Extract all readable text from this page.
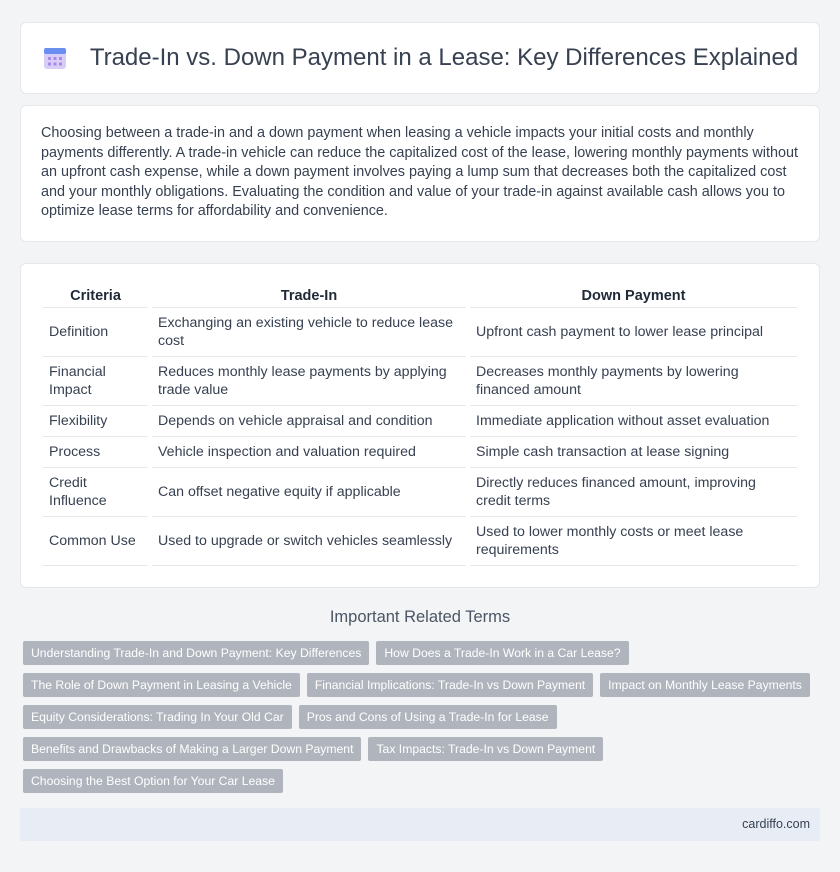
Trade-In vs. Down Payment in a Lease: Key Differences Explained

Choosing between a trade-in and a down payment when leasing a vehicle impacts your initial costs and monthly payments differently. A trade-in vehicle can reduce the capitalized cost of the lease, lowering monthly payments without an upfront cash expense, while a down payment involves paying a lump sum that decreases both the capitalized cost and your monthly obligations. Evaluating the condition and value of your trade-in against available cash allows you to optimize lease terms for affordability and convenience.

Criteria	Trade-In	Down Payment
Definition	Exchanging an existing vehicle to reduce lease cost	Upfront cash payment to lower lease principal
Financial Impact	Reduces monthly lease payments by applying trade value	Decreases monthly payments by lowering financed amount
Flexibility	Depends on vehicle appraisal and condition	Immediate application without asset evaluation
Process	Vehicle inspection and valuation required	Simple cash transaction at lease signing
Credit Influence	Can offset negative equity if applicable	Directly reduces financed amount, improving credit terms
Common Use	Used to upgrade or switch vehicles seamlessly	Used to lower monthly costs or meet lease requirements
Important Related Terms
Understanding Trade-In and Down Payment: Key Differences	How Does a Trade-In Work in a Car Lease?
The Role of Down Payment in Leasing a Vehicle	Financial Implications: Trade-In vs Down Payment	Impact on Monthly Lease Payments
Equity Considerations: Trading In Your Old Car	Pros and Cons of Using a Trade-In for Lease
Benefits and Drawbacks of Making a Larger Down Payment	Tax Impacts: Trade-In vs Down Payment
Choosing the Best Option for Your Car Lease
cardiffo.com
